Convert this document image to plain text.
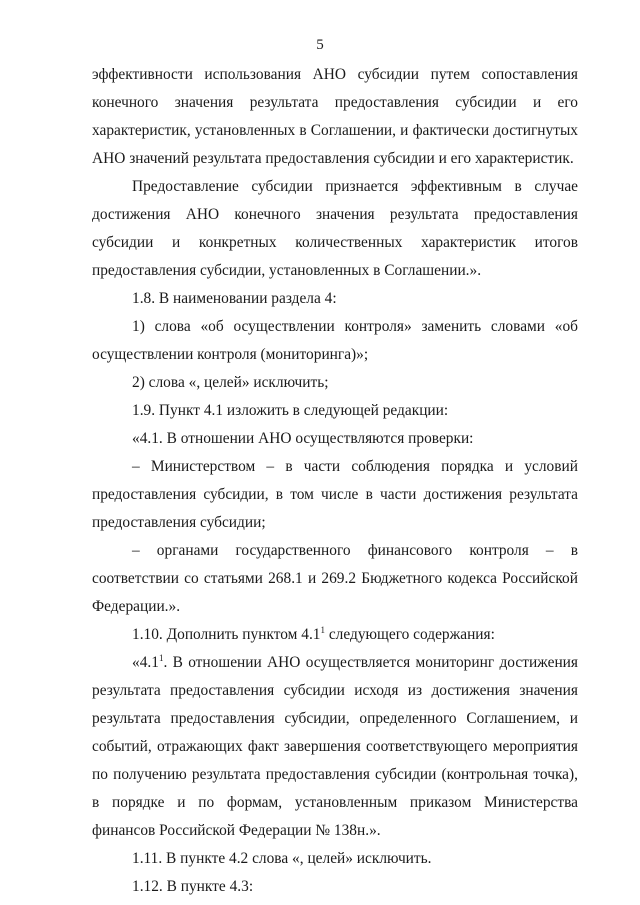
5

эффективности использования АНО субсидии путем сопоставления конечного значения результата предоставления субсидии и его характеристик, установленных в Соглашении, и фактически достигнутых АНО значений результата предоставления субсидии и его характеристик.

Предоставление субсидии признается эффективным в случае достижения АНО конечного значения результата предоставления субсидии и конкретных количественных характеристик итогов предоставления субсидии, установленных в Соглашении.».

1.8. В наименовании раздела 4:

1) слова «об осуществлении контроля» заменить словами «об осуществлении контроля (мониторинга)»;

2) слова «, целей» исключить;

1.9. Пункт 4.1 изложить в следующей редакции:

«4.1. В отношении АНО осуществляются проверки:

– Министерством – в части соблюдения порядка и условий предоставления субсидии, в том числе в части достижения результата предоставления субсидии;

– органами государственного финансового контроля – в соответствии со статьями 268.1 и 269.2 Бюджетного кодекса Российской Федерации.».

1.10. Дополнить пунктом $4.1^1$ следующего содержания:

«$4.1^1$. В отношении АНО осуществляется мониторинг достижения результата предоставления субсидии исходя из достижения значения результата предоставления субсидии, определенного Соглашением, и событий, отражающих факт завершения соответствующего мероприятия по получению результата предоставления субсидии (контрольная точка), в порядке и по формам, установленным приказом Министерства финансов Российской Федерации № 138н.».

1.11. В пункте 4.2 слова «, целей» исключить.

1.12. В пункте 4.3:
